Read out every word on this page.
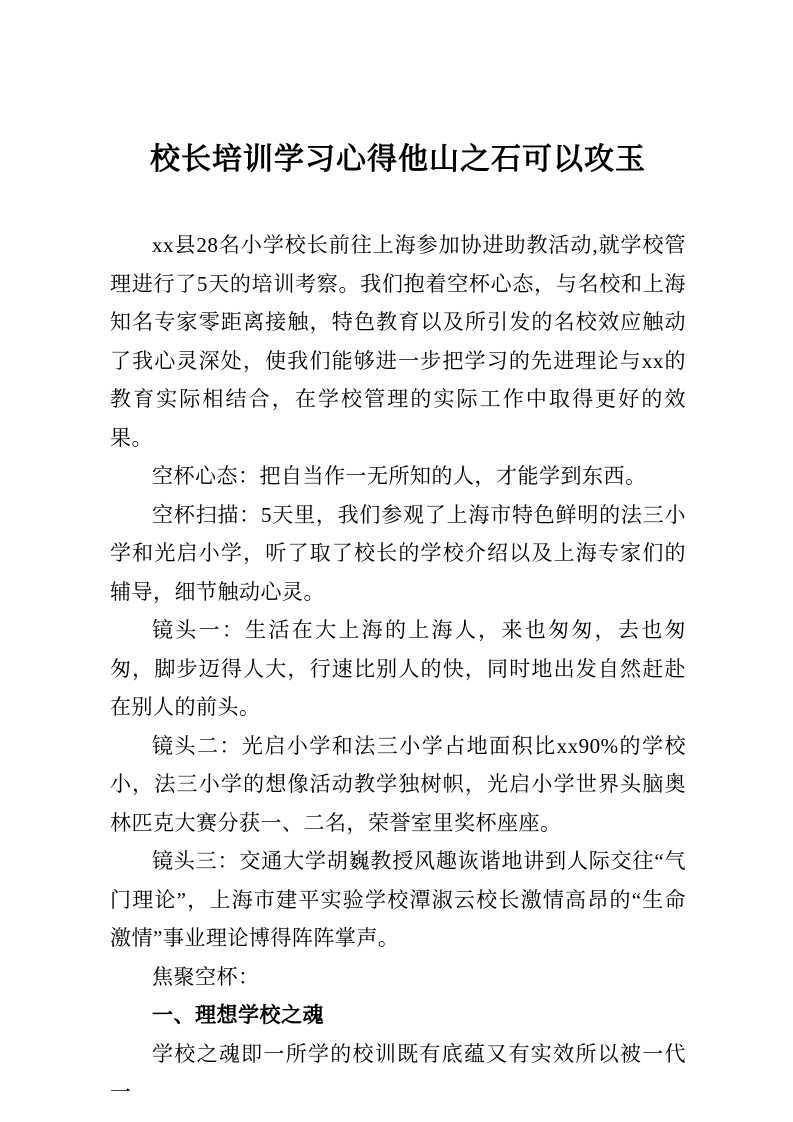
校长培训学习心得他山之石可以攻玉

xx县28名小学校长前往上海参加协进助教活动,就学校管理进行了5天的培训考察。我们抱着空杯心态，与名校和上海知名专家零距离接触，特色教育以及所引发的名校效应触动了我心灵深处，使我们能够进一步把学习的先进理论与xx的教育实际相结合，在学校管理的实际工作中取得更好的效果。

空杯心态：把自当作一无所知的人，才能学到东西。

空杯扫描：5天里，我们参观了上海市特色鲜明的法三小学和光启小学，听了取了校长的学校介绍以及上海专家们的辅导，细节触动心灵。

镜头一：生活在大上海的上海人，来也匆匆，去也匆匆，脚步迈得人大，行速比别人的快，同时地出发自然赶赴在别人的前头。

镜头二：光启小学和法三小学占地面积比xx90%的学校小，法三小学的想像活动教学独树帜，光启小学世界头脑奥林匹克大赛分获一、二名，荣誉室里奖杯座座。

镜头三：交通大学胡巍教授风趣诙谐地讲到人际交往“气门理论”，上海市建平实验学校潭淑云校长激情高昂的“生命激情”事业理论博得阵阵掌声。

焦聚空杯：

一、理想学校之魂

学校之魂即一所学的校训既有底蕴又有实效所以被一代一
